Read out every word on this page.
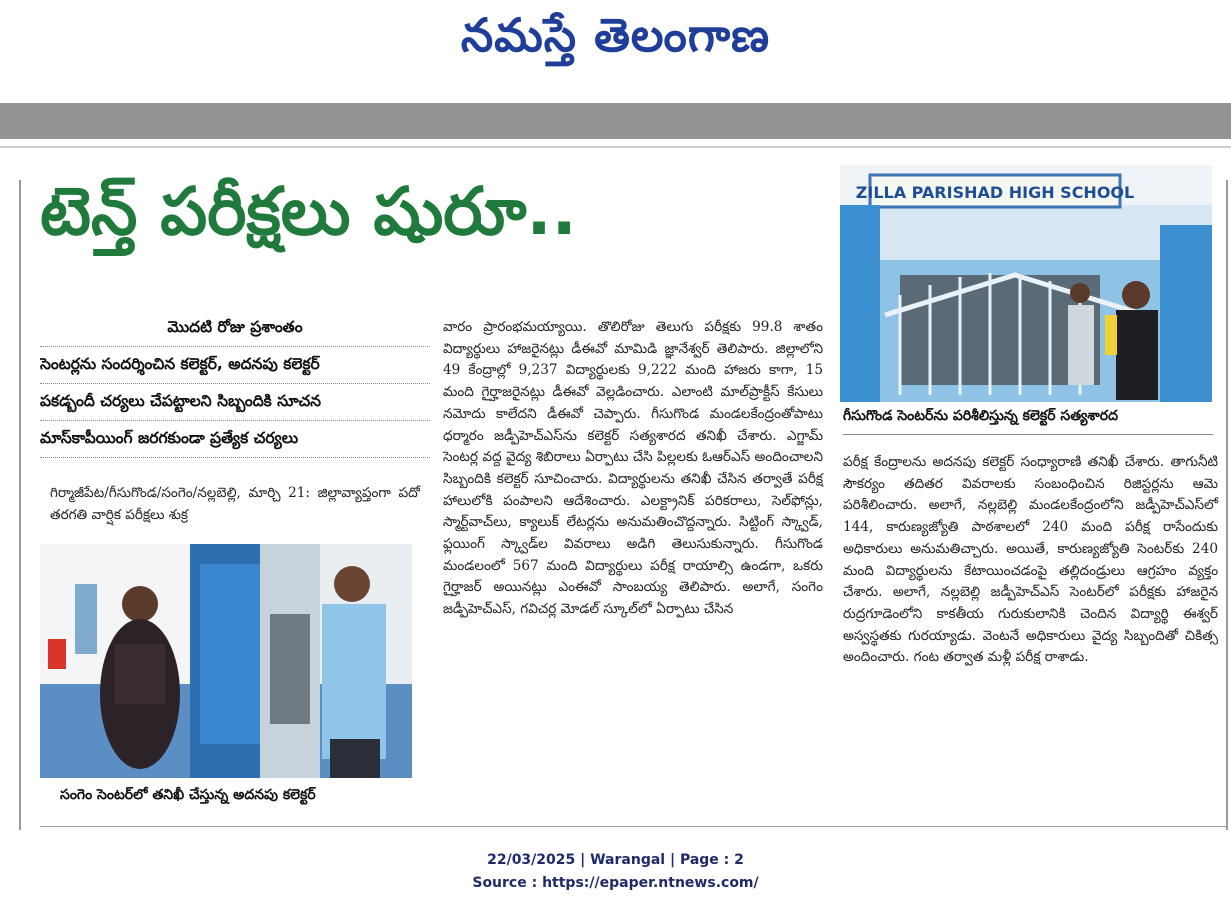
నమస్తే తెలంగాణ
టెన్త్ పరీక్షలు షురూ..
మొదటి రోజు ప్రశాంతం
సెంటర్లను సందర్శించిన కలెక్టర్, అదనపు కలెక్టర్
పకడ్బందీ చర్యలు చేపట్టాలని సిబ్బందికి సూచన
మాస్‌కాపీయింగ్ జరగకుండా ప్రత్యేక చర్యలు
గిర్మాజీపేట/గీసుగొండ/సంగెం/నల్లబెల్లి, మార్చి 21: జిల్లావ్యాప్తంగా పదో తరగతి వార్షిక పరీక్షలు శుక్ర
సంగెం సెంటర్‌లో తనిఖీ చేస్తున్న అదనపు కలెక్టర్
వారం ప్రారంభమయ్యాయి. తొలిరోజు తెలుగు పరీక్షకు 99.8 శాతం విద్యార్థులు హాజరైనట్లు డీఈవో మామిడి జ్ఞానేశ్వర్ తెలిపారు. జిల్లాలోని 49 కేంద్రాల్లో 9,237 విద్యార్థులకు 9,222 మంది హాజరు కాగా, 15 మంది గైర్హాజరైనట్లు డీఈవో వెల్లడించారు. ఎలాంటి మాల్‌ప్రాక్టీస్ కేసులు నమోదు కాలేదని డీఈవో చెప్పారు. గీసుగొండ మండలకేంద్రంతోపాటు ధర్మారం జడ్పీహెచ్ఎస్‌ను కలెక్టర్ సత్యశారద తనిఖీ చేశారు. ఎగ్జామ్ సెంటర్ల వద్ద వైద్య శిబిరాలు ఏర్పాటు చేసి పిల్లలకు ఓఆర్ఎస్ అందించాలని సిబ్బందికి కలెక్టర్ సూచించారు. విద్యార్థులను తనిఖీ చేసిన తర్వాతే పరీక్ష హాలులోకి పంపాలని ఆదేశించారు. ఎలక్ట్రానిక్ పరికరాలు, సెల్‌ఫోన్లు, స్మార్ట్‌వాచ్‌లు, క్యాలుక్ లేటర్లను అనుమతించొద్దన్నారు. సిట్టింగ్ స్క్వాడ్, ఫ్లయింగ్ స్క్వాడ్‌ల వివరాలు అడిగి తెలుసుకున్నారు. గీసుగొండ మండలంలో 567 మంది విద్యార్థులు పరీక్ష రాయాల్సి ఉండగా, ఒకరు గైర్హాజర్ అయినట్లు ఎంఈవో సాంబయ్య తెలిపారు. అలాగే, సంగెం జడ్పీహెచ్ఎస్, గవిచర్ల మోడల్ స్కూల్‌లో ఏర్పాటు చేసిన
ZILLA PARISHAD HIGH SCHOOL
గీసుగొండ సెంటర్‌ను పరిశీలిస్తున్న కలెక్టర్ సత్యశారద
పరీక్ష కేంద్రాలను అదనపు కలెక్టర్ సంధ్యారాణి తనిఖీ చేశారు. తాగునీటి సౌకర్యం తదితర వివరాలకు సంబంధించిన రిజిస్టర్లను ఆమె పరిశీలించారు. అలాగే, నల్లబెల్లి మండలకేంద్రంలోని జడ్పీహెచ్ఎస్‌లో 144, కారుణ్యజ్యోతి పాఠశాలలో 240 మంది పరీక్ష రాసేందుకు అధికారులు అనుమతిచ్చారు. అయితే, కారుణ్యజ్యోతి సెంటర్‌కు 240 మంది విద్యార్థులను కేటాయించడంపై తల్లిదండ్రులు ఆగ్రహం వ్యక్తం చేశారు. అలాగే, నల్లబెల్లి జడ్పీహెచ్ఎస్ సెంటర్‌లో పరీక్షకు హాజరైన రుద్రగూడెంలోని కాకతీయ గురుకులానికి చెందిన విద్యార్థి ఈశ్వర్ అస్వస్థతకు గురయ్యాడు. వెంటనే అధికారులు వైద్య సిబ్బందితో చికిత్స అందించారు. గంట తర్వాత మళ్లీ పరీక్ష రాశాడు.
22/03/2025 | Warangal | Page : 2
Source : https://epaper.ntnews.com/
